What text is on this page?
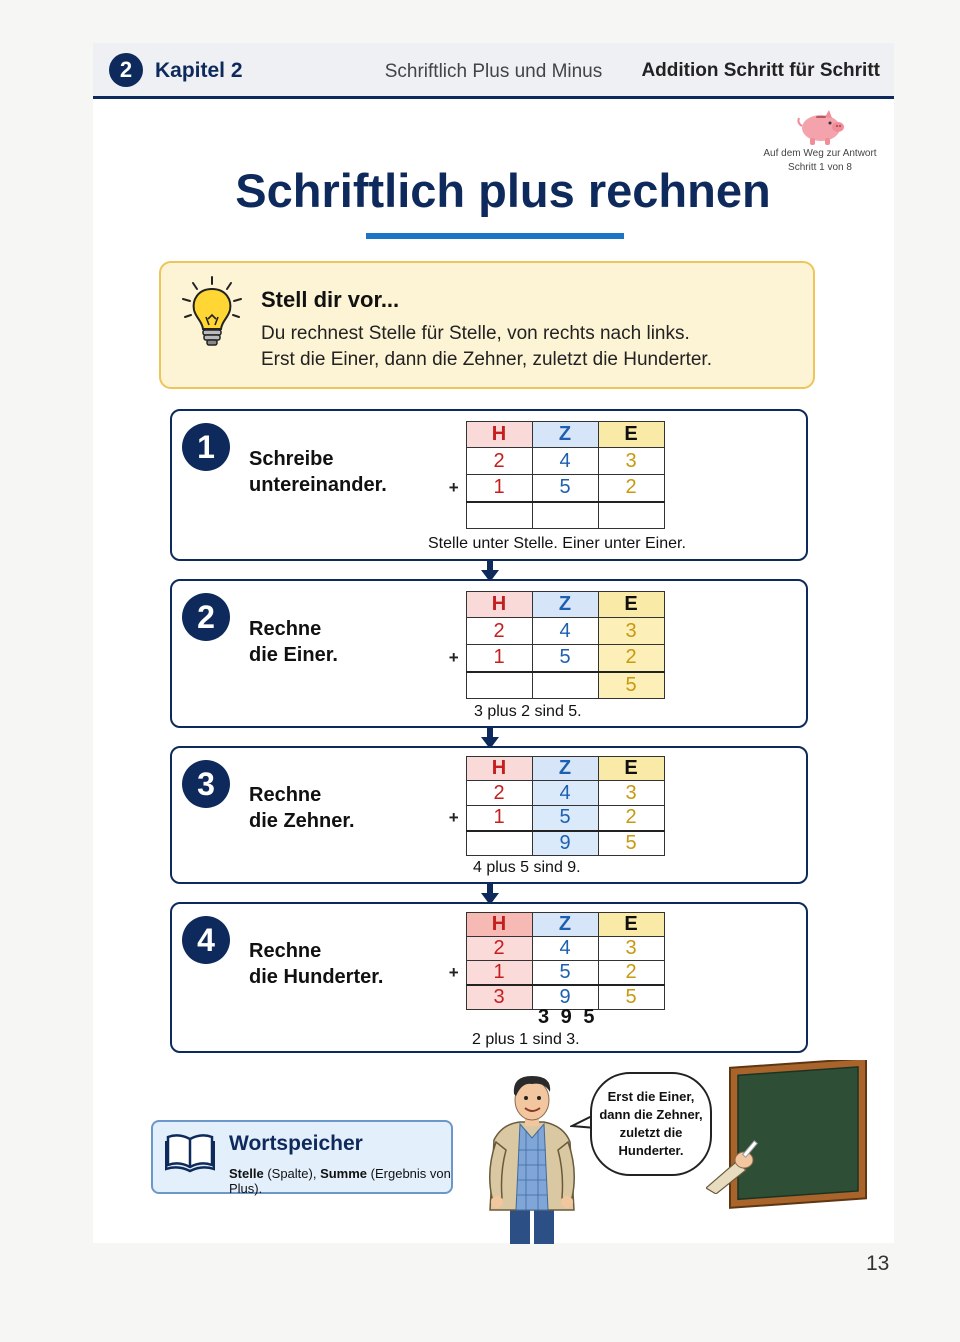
2	Kapitel 2	Schriftlich Plus und Minus	Addition Schritt für Schritt
Auf dem Weg zur Antwort
Schritt 1 von 8
Schriftlich plus rechnen
Stell dir vor...
Du rechnest Stelle für Stelle, von rechts nach links.
Erst die Einer, dann die Zehner, zuletzt die Hunderter.
1	Schreibe
untereinander.
	H	Z	E
	2	4	3
+	1	5	2

Stelle unter Stelle. Einer unter Einer.
2	Rechne
die Einer.
	H	Z	E
	2	4	3
+	1	5	2
			5
3 plus 2 sind 5.
3	Rechne
die Zehner.
	H	Z	E
	2	4	3
+	1	5	2
		9	5
4 plus 5 sind 9.
4	Rechne
die Hunderter.
	H	Z	E
	2	4	3
+	1	5	2
	3	9	5
2 plus 1 sind 3.
3 9 5
Wortspeicher
Stelle (Spalte), Summe (Ergebnis von Plus).
Erst die Einer,
dann die Zehner,
zuletzt die
Hunderter.
13
